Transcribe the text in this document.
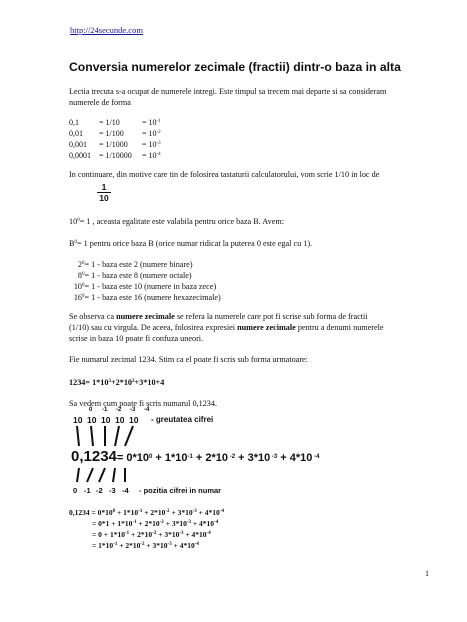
http://24secunde.com
Conversia numerelor zecimale (fractii) dintr-o baza in alta
Lectia trecuta s-a ocupat de numerele intregi. Este timpul sa trecem mai departe si sa consideram
numerele de forma
0,1
0,01
0,001
0,0001
= 1/10
= 1/100
= 1/1000
= 1/10000
= $10^{-1}$
= $10^{-2}$
= $10^{-3}$
= $10^{-4}$
In continuare, din motive care tin de folosirea tastaturii calculatorului, vom scrie 1/10 in loc de
$\frac{1}{10}$
$10^0= 1$ , aceasta egalitate este valabila pentru orice baza B. Avem:
$B^0= 1$ pentru orice baza B (orice numar ridicat la puterea 0 este egal cu 1).
$2^0= 1$ - baza este 2 (numere binare)
$8^0= 1$ - baza este 8 (numere octale)
$10^0= 1$ - baza este 10 (numere in baza zece)
$16^0= 1$ - baza este 16 (numere hexazecimale)
Se observa ca numere zecimale se refera la numerele care pot fi scrise sub forma de fractii
(1/10) sau cu virgula. De aceea, folosirea expresiei numere zecimale pentru a denumi numerele
scrise in baza 10 poate fi confuza uneori.
Fie numarul zecimal 1234. Stim ca el poate fi scris sub forma urmatoare:
$1234= 1*10^3+2*10^2+3*10+4$
Sa vedem cum poate fi scris numarul 0,1234.
0 -1 -2 -3 -4
10 10 10 10 10 - greutatea cifrei
$0,1234= 0*10^0 + 1*10^{-1} + 2*10$ $^{-2}$ + 3*10 $^{-3}$ + 4*10 $^{-4}$
0 -1 -2 -3 -4 - pozitia cifrei in numar
$0,1234 = 0*10^0 + 1*10^{-1} + 2*10^{-2} + 3*10^{-3} + 4*10^{-4}$
= $0*1 + 1*10^{-1} + 2*10^{-2} + 3*10^{-3} + 4*10^{-4}$
= $0 + 1*10^{-1} + 2*10^{-2} + 3*10^{-3} + 4*10^{-4}$
= $1*10^{-1} + 2*10^{-2} + 3*10^{-3} + 4*10^{-4}$
1
